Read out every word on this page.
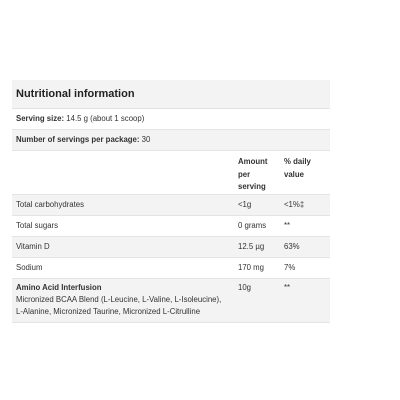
Nutritional information
Serving size: 14.5 g (about 1 scoop)
Number of servings per package: 30
	Amount
per
serving	% daily
value
Total carbohydrates	<1g	<1%‡
Total sugars	0 grams	**
Vitamin D	12.5 µg	63%
Sodium	170 mg	7%

Amino Acid Interfusion
Micronized BCAA Blend (L-Leucine, L-Valine, L-Isoleucine), L-Alanine, Micronized Taurine, Micronized L-Citrulline	10g	**
